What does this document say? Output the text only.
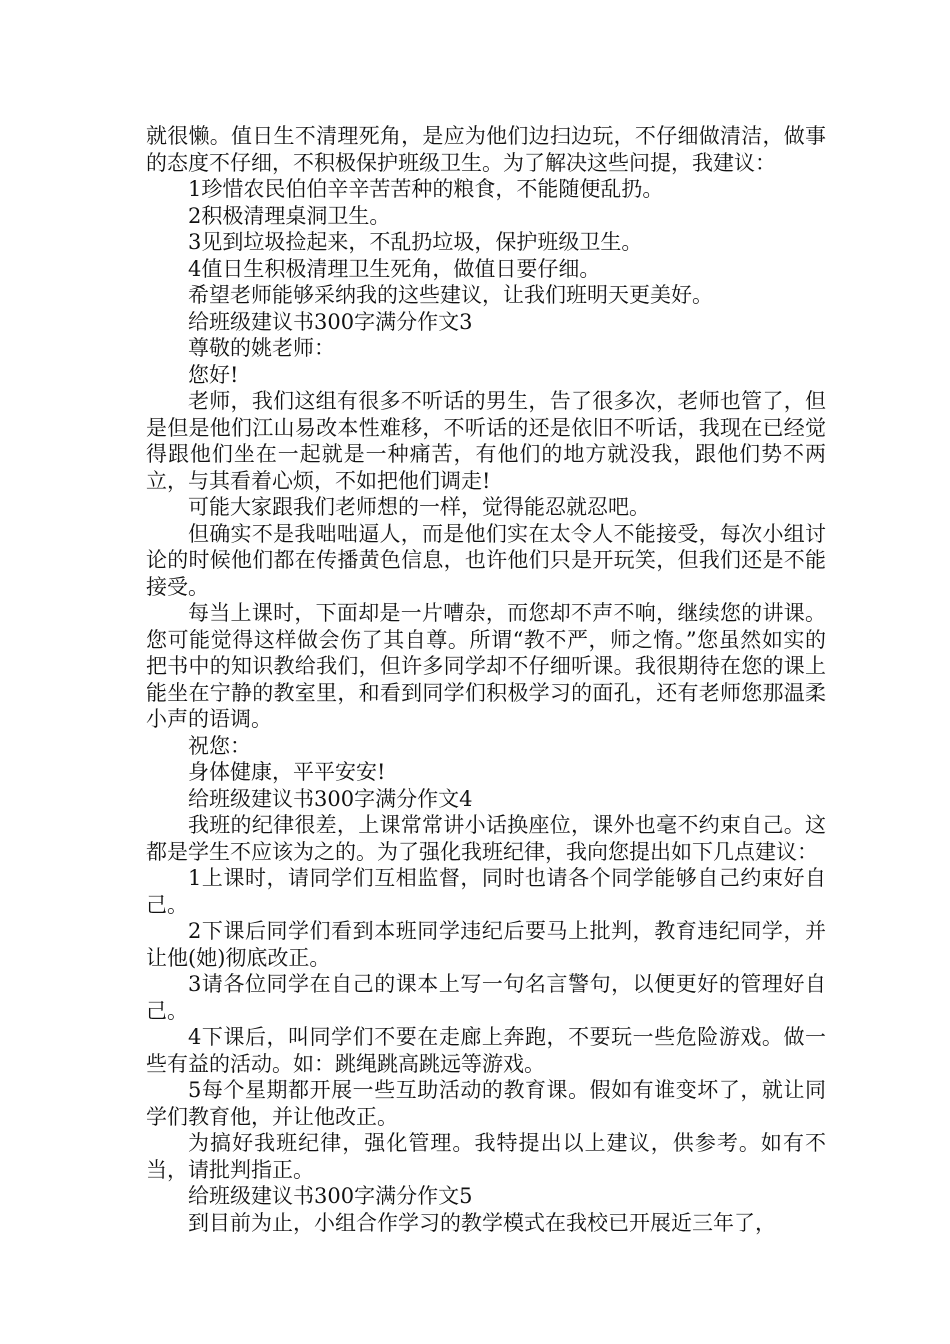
就很懒。值日生不清理死角，是应为他们边扫边玩，不仔细做清洁，做事的态度不仔细，不积极保护班级卫生。为了解决这些问提，我建议：

1珍惜农民伯伯辛辛苦苦种的粮食，不能随便乱扔。

2积极清理桌洞卫生。

3见到垃圾捡起来，不乱扔垃圾，保护班级卫生。

4值日生积极清理卫生死角，做值日要仔细。

希望老师能够采纳我的这些建议，让我们班明天更美好。

给班级建议书300字满分作文3

尊敬的姚老师：

您好!

老师，我们这组有很多不听话的男生，告了很多次，老师也管了，但是但是他们江山易改本性难移，不听话的还是依旧不听话，我现在已经觉得跟他们坐在一起就是一种痛苦，有他们的地方就没我，跟他们势不两立，与其看着心烦，不如把他们调走!

可能大家跟我们老师想的一样，觉得能忍就忍吧。

但确实不是我咄咄逼人，而是他们实在太令人不能接受，每次小组讨论的时候他们都在传播黄色信息，也许他们只是开玩笑，但我们还是不能接受。

每当上课时，下面却是一片嘈杂，而您却不声不响，继续您的讲课。您可能觉得这样做会伤了其自尊。所谓“教不严，师之惰。”您虽然如实的把书中的知识教给我们，但许多同学却不仔细听课。我很期待在您的课上能坐在宁静的教室里，和看到同学们积极学习的面孔，还有老师您那温柔小声的语调。

祝您：

身体健康，平平安安!

给班级建议书300字满分作文4

我班的纪律很差，上课常常讲小话换座位，课外也毫不约束自己。这都是学生不应该为之的。为了强化我班纪律，我向您提出如下几点建议：

1上课时，请同学们互相监督，同时也请各个同学能够自己约束好自己。

2下课后同学们看到本班同学违纪后要马上批判，教育违纪同学，并让他(她)彻底改正。

3请各位同学在自己的课本上写一句名言警句，以便更好的管理好自己。

4下课后，叫同学们不要在走廊上奔跑，不要玩一些危险游戏。做一些有益的活动。如：跳绳跳高跳远等游戏。

5每个星期都开展一些互助活动的教育课。假如有谁变坏了，就让同学们教育他，并让他改正。

为搞好我班纪律，强化管理。我特提出以上建议，供参考。如有不当，请批判指正。

给班级建议书300字满分作文5

到目前为止，小组合作学习的教学模式在我校已开展近三年了，
